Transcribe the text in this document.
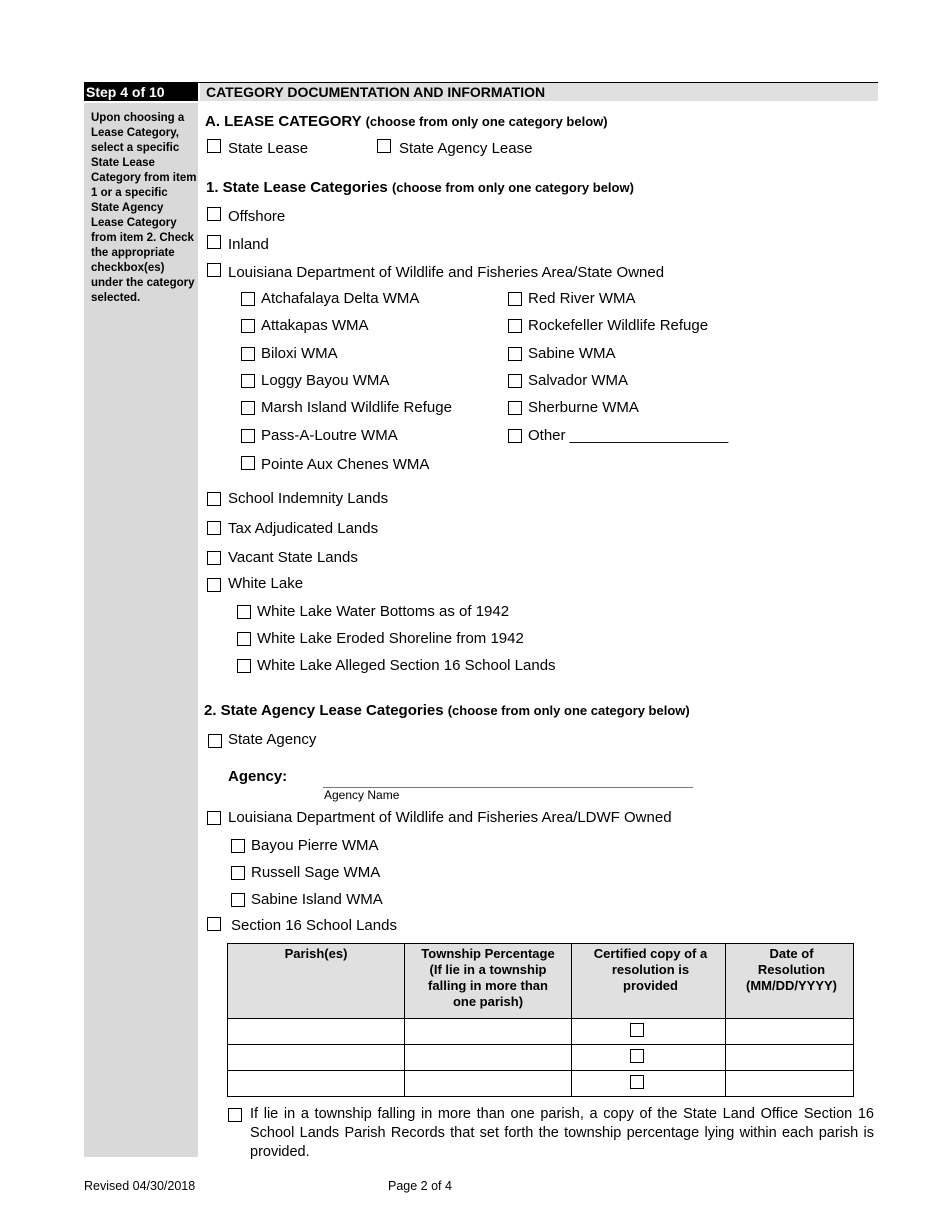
Step 4 of 10	CATEGORY DOCUMENTATION AND INFORMATION
Upon choosing a Lease Category, select a specific State Lease Category from item 1 or a specific State Agency Lease Category from item 2. Check the appropriate checkbox(es) under the category selected.
A. LEASE CATEGORY (choose from only one category below)
State Lease	State Agency Lease
1. State Lease Categories (choose from only one category below)
Offshore
Inland
Louisiana Department of Wildlife and Fisheries Area/State Owned
Atchafalaya Delta WMA
Attakapas WMA
Biloxi WMA
Loggy Bayou WMA
Marsh Island Wildlife Refuge
Pass-A-Loutre WMA
Pointe Aux Chenes WMA
Red River WMA
Rockefeller Wildlife Refuge
Sabine WMA
Salvador WMA
Sherburne WMA
Other ___________________
School Indemnity Lands
Tax Adjudicated Lands
Vacant State Lands
White Lake
White Lake Water Bottoms as of 1942
White Lake Eroded Shoreline from 1942
White Lake Alleged Section 16 School Lands
2. State Agency Lease Categories (choose from only one category below)
State Agency
Agency:
Agency Name
Louisiana Department of Wildlife and Fisheries Area/LDWF Owned
Bayou Pierre WMA
Russell Sage WMA
Sabine Island WMA
Section 16 School Lands
Parish(es)	Township Percentage (If lie in a township falling in more than one parish)	Certified copy of a resolution is provided	Date of Resolution (MM/DD/YYYY)

If lie in a township falling in more than one parish, a copy of the State Land Office Section 16 School Lands Parish Records that set forth the township percentage lying within each parish is provided.
Revised 04/30/2018	Page 2 of 4
